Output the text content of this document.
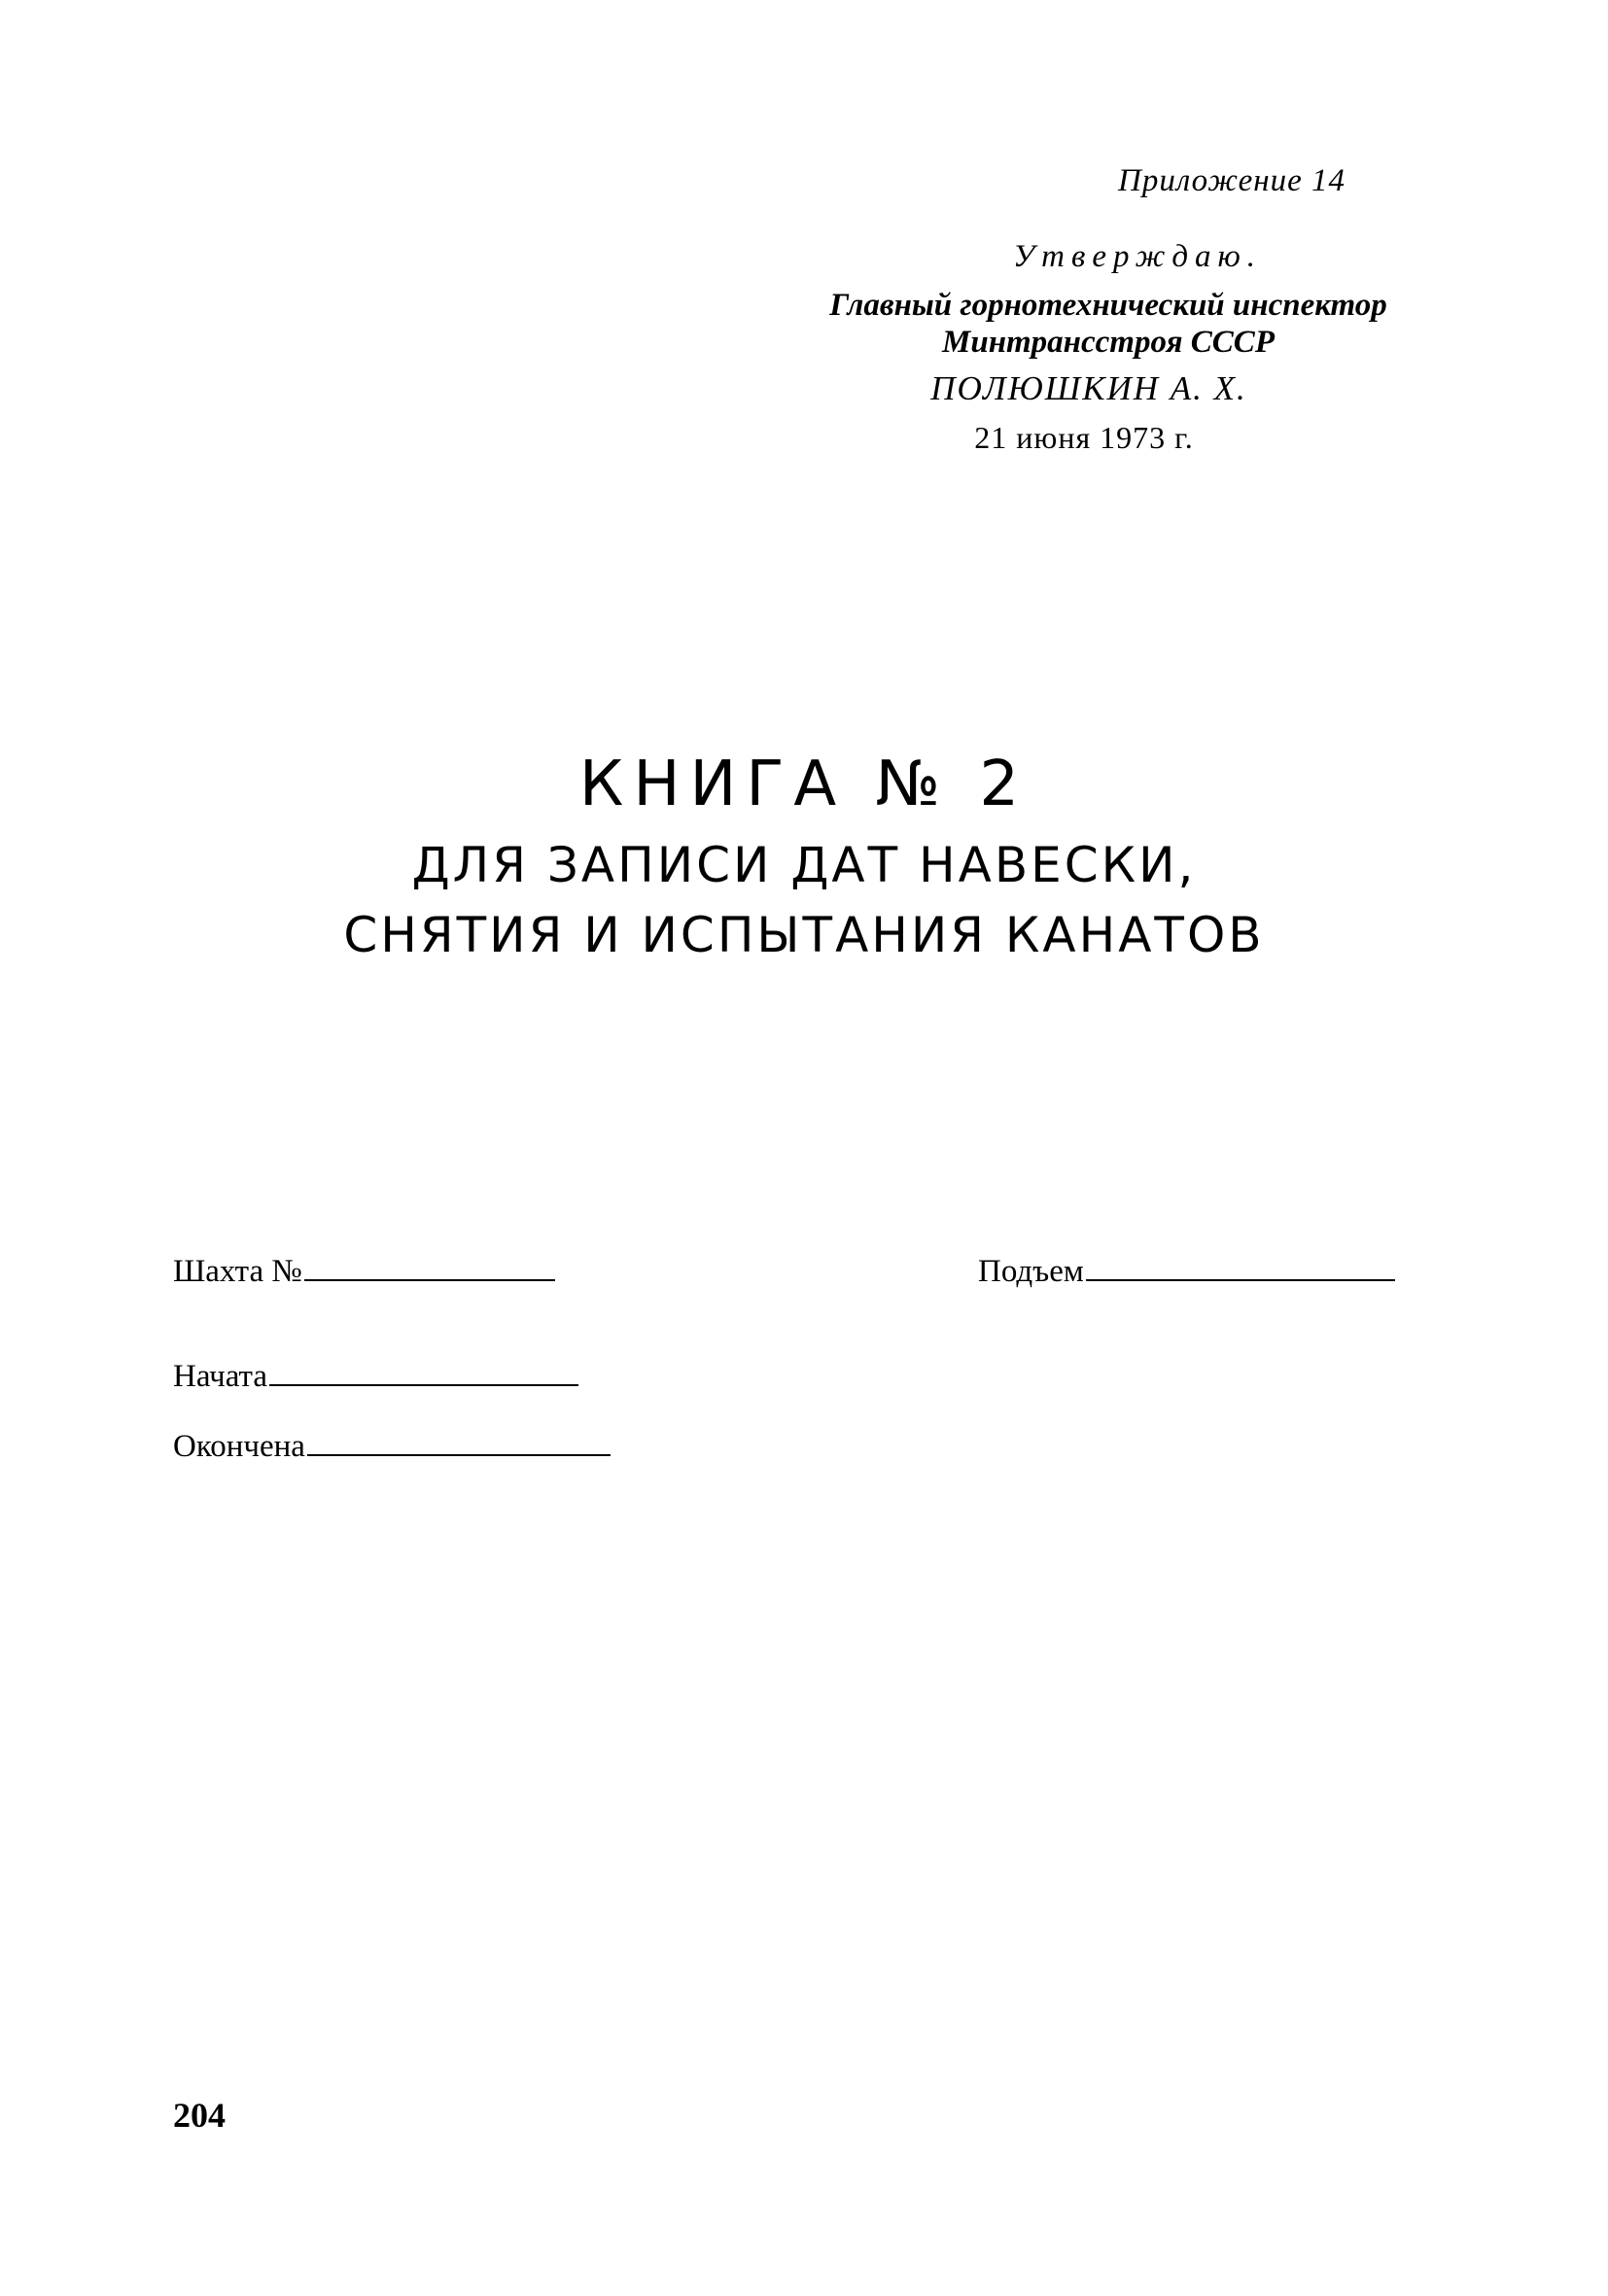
Приложение 14
Утверждаю.
Главный горнотехнический инспектор
Минтрансстроя СССР
ПОЛЮШКИН А. Х.
21 июня 1973 г.
КНИГА № 2

ДЛЯ ЗАПИСИ ДАТ НАВЕСКИ,

СНЯТИЯ И ИСПЫТАНИЯ КАНАТОВ

Шахта №	Подъем
Начата
Окончена
204
